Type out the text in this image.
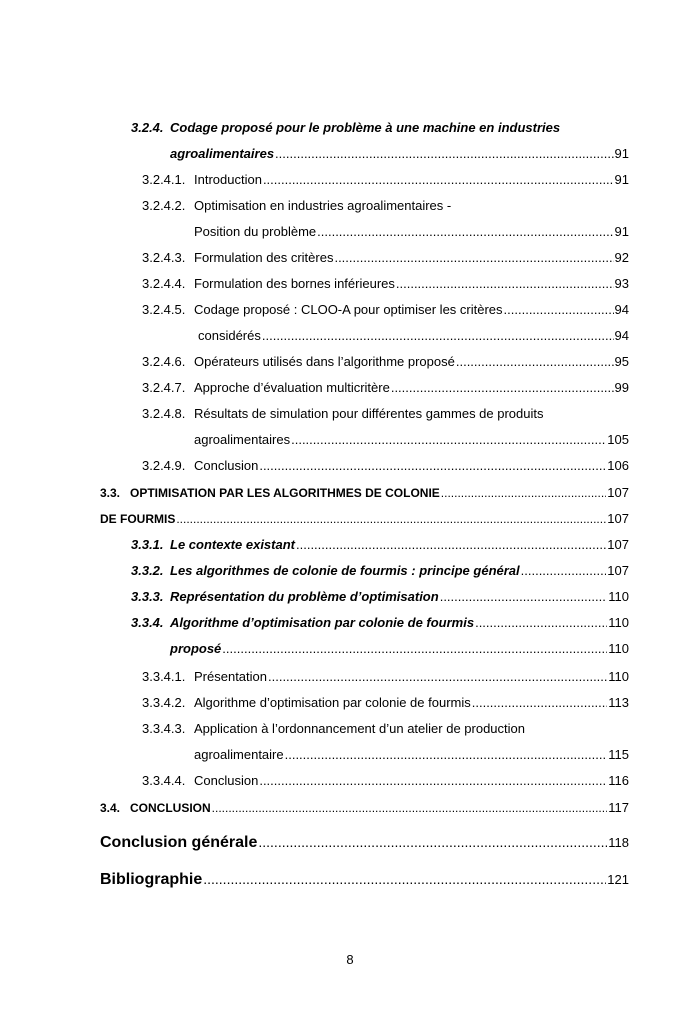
3.2.4. Codage proposé pour le problème à une machine en industries
agroalimentaires .....	91
3.2.4.1. Introduction .....	91
3.2.4.2. Optimisation en industries agroalimentaires -
Position du problème .....	91
3.2.4.3. Formulation des critères .....	92
3.2.4.4. Formulation des bornes inférieures .....	93
3.2.4.5. Codage proposé : CLOO-A pour optimiser les critères .....	94
considérés .....	94
3.2.4.6. Opérateurs utilisés dans l’algorithme proposé .....	95
3.2.4.7. Approche d’évaluation multicritère .....	99
3.2.4.8. Résultats de simulation pour différentes gammes de produits
agroalimentaires .....	105
3.2.4.9. Conclusion .....	106
3.3. OPTIMISATION PAR LES ALGORITHMES DE COLONIE .....	107
DE FOURMIS .....	107
3.3.1. Le contexte existant .....	107
3.3.2. Les algorithmes de colonie de fourmis : principe général .....	107
3.3.3. Représentation du problème d’optimisation .....	110
3.3.4. Algorithme d’optimisation par colonie de fourmis .....	110
proposé .....	110
3.3.4.1. Présentation .....	110
3.3.4.2. Algorithme d’optimisation par colonie de fourmis .....	113
3.3.4.3. Application à l’ordonnancement d’un atelier de production
agroalimentaire .....	115
3.3.4.4. Conclusion .....	116
3.4. CONCLUSION .....	117
Conclusion générale .....	118
Bibliographie .....	121
8
